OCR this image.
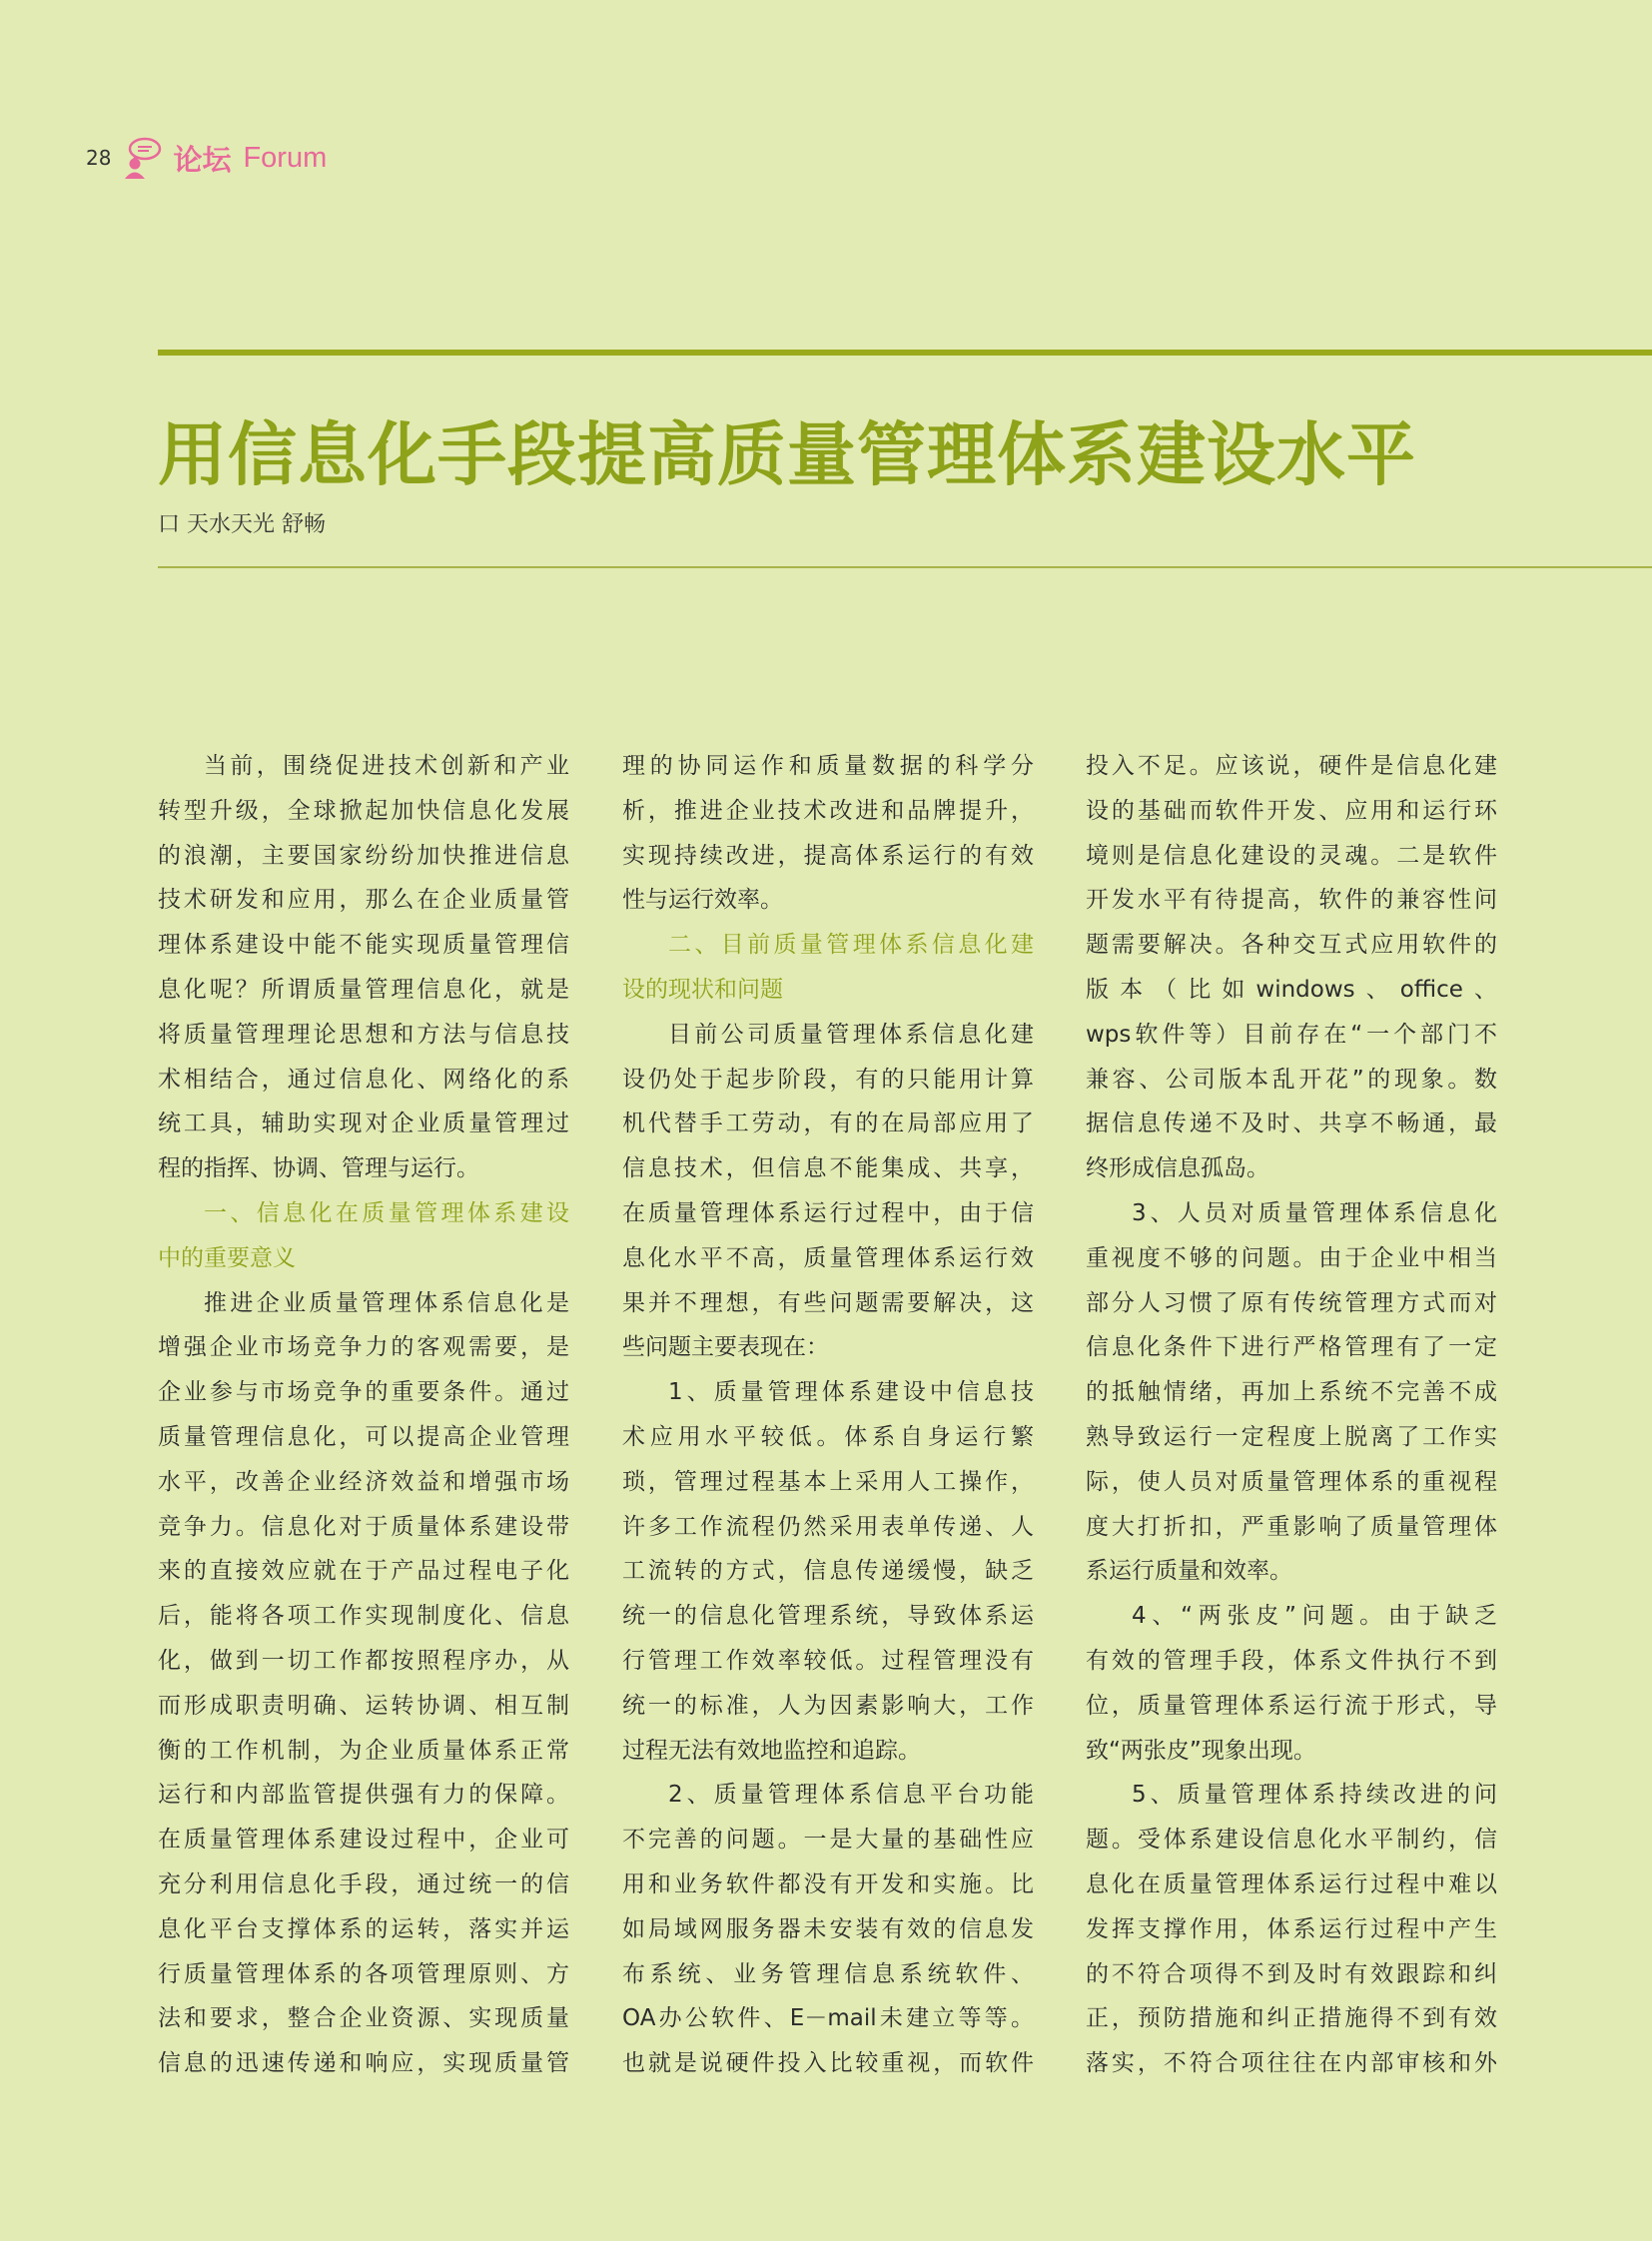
28 论坛 Forum
用信息化手段提高质量管理体系建设水平
口 天水天光 舒畅

当前，围绕促进技术创新和产业

转型升级，全球掀起加快信息化发展

的浪潮，主要国家纷纷加快推进信息

技术研发和应用，那么在企业质量管

理体系建设中能不能实现质量管理信

息化呢？所谓质量管理信息化，就是

将质量管理理论思想和方法与信息技

术相结合，通过信息化、网络化的系

统工具，辅助实现对企业质量管理过

程的指挥、协调、管理与运行。

一、信息化在质量管理体系建设

中的重要意义

推进企业质量管理体系信息化是

增强企业市场竞争力的客观需要，是

企业参与市场竞争的重要条件。通过

质量管理信息化，可以提高企业管理

水平，改善企业经济效益和增强市场

竞争力。信息化对于质量体系建设带

来的直接效应就在于产品过程电子化

后，能将各项工作实现制度化、信息

化，做到一切工作都按照程序办，从

而形成职责明确、运转协调、相互制

衡的工作机制，为企业质量体系正常

运行和内部监管提供强有力的保障。

在质量管理体系建设过程中，企业可

充分利用信息化手段，通过统一的信

息化平台支撑体系的运转，落实并运

行质量管理体系的各项管理原则、方

法和要求，整合企业资源、实现质量

信息的迅速传递和响应，实现质量管

理的协同运作和质量数据的科学分

析，推进企业技术改进和品牌提升，

实现持续改进，提高体系运行的有效

性与运行效率。

二、目前质量管理体系信息化建

设的现状和问题

目前公司质量管理体系信息化建

设仍处于起步阶段，有的只能用计算

机代替手工劳动，有的在局部应用了

信息技术，但信息不能集成、共享，

在质量管理体系运行过程中，由于信

息化水平不高，质量管理体系运行效

果并不理想，有些问题需要解决，这

些问题主要表现在：

1、质量管理体系建设中信息技

术应用水平较低。体系自身运行繁

琐，管理过程基本上采用人工操作，

许多工作流程仍然采用表单传递、人

工流转的方式，信息传递缓慢，缺乏

统一的信息化管理系统，导致体系运

行管理工作效率较低。过程管理没有

统一的标准，人为因素影响大，工作

过程无法有效地监控和追踪。

2、质量管理体系信息平台功能

不完善的问题。一是大量的基础性应

用和业务软件都没有开发和实施。比

如局域网服务器未安装有效的信息发

布系统、业务管理信息系统软件、

OA办公软件、E－mail未建立等等。

也就是说硬件投入比较重视，而软件

投入不足。应该说，硬件是信息化建

设的基础而软件开发、应用和运行环

境则是信息化建设的灵魂。二是软件

开发水平有待提高，软件的兼容性问

题需要解决。各种交互式应用软件的

版本（比如windows、office、

wps软件等）目前存在“一个部门不

兼容、公司版本乱开花”的现象。数

据信息传递不及时、共享不畅通，最

终形成信息孤岛。

3、人员对质量管理体系信息化

重视度不够的问题。由于企业中相当

部分人习惯了原有传统管理方式而对

信息化条件下进行严格管理有了一定

的抵触情绪，再加上系统不完善不成

熟导致运行一定程度上脱离了工作实

际，使人员对质量管理体系的重视程

度大打折扣，严重影响了质量管理体

系运行质量和效率。

4、“两张皮”问题。由于缺乏

有效的管理手段，体系文件执行不到

位，质量管理体系运行流于形式，导

致“两张皮”现象出现。

5、质量管理体系持续改进的问

题。受体系建设信息化水平制约，信

息化在质量管理体系运行过程中难以

发挥支撑作用，体系运行过程中产生

的不符合项得不到及时有效跟踪和纠

正，预防措施和纠正措施得不到有效

落实，不符合项往往在内部审核和外
